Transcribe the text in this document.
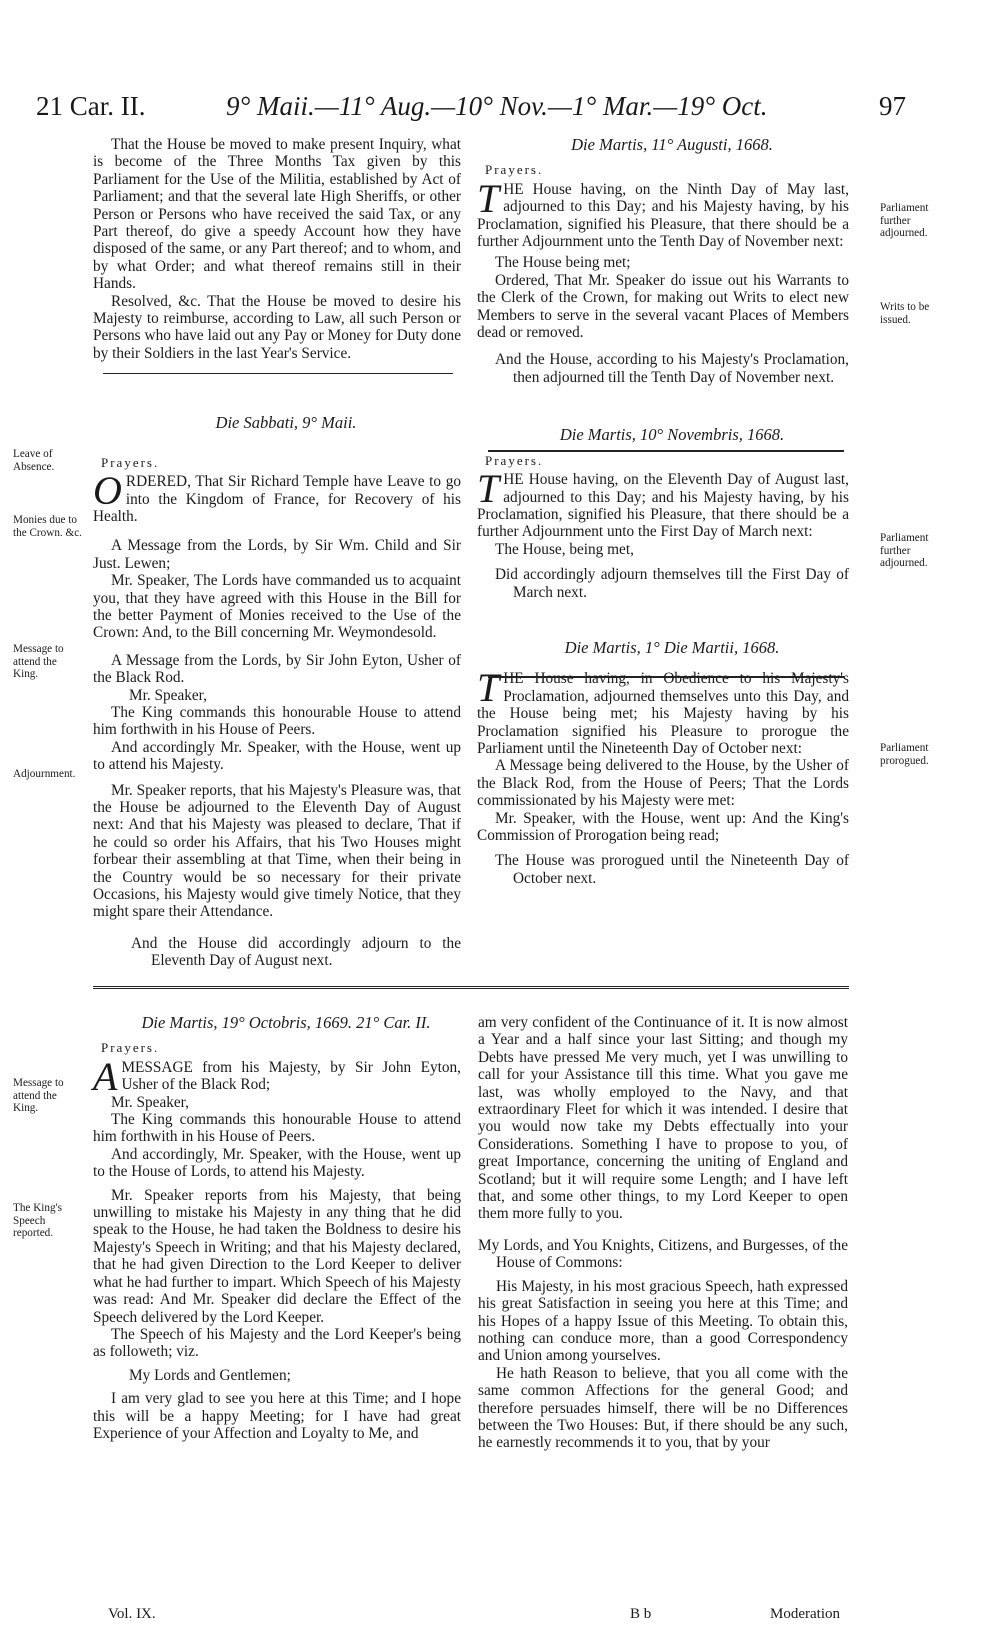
21 Car. II.	9° Maii.—11° Aug.—10° Nov.—1° Mar.—19° Oct.	97

That the House be moved to make present Inquiry, what is become of the Three Months Tax given by this Parliament for the Use of the Militia, established by Act of Parliament; and that the several late High Sheriffs, or other Person or Persons who have received the said Tax, or any Part thereof, do give a speedy Account how they have disposed of the same, or any Part thereof; and to whom, and by what Order; and what thereof remains still in their Hands.

Resolved, &c. That the House be moved to desire his Majesty to reimburse, according to Law, all such Person or Persons who have laid out any Pay or Money for Duty done by their Soldiers in the last Year's Service.

Die Sabbati, 9° Maii.

Prayers.

ORDERED, That Sir Richard Temple have Leave to go into the Kingdom of France, for Recovery of his Health.

A Message from the Lords, by Sir Wm. Child and Sir Just. Lewen;

Mr. Speaker, The Lords have commanded us to acquaint you, that they have agreed with this House in the Bill for the better Payment of Monies received to the Use of the Crown: And, to the Bill concerning Mr. Weymondesold.

A Message from the Lords, by Sir John Eyton, Usher of the Black Rod.

Mr. Speaker,

The King commands this honourable House to attend him forthwith in his House of Peers.

And accordingly Mr. Speaker, with the House, went up to attend his Majesty.

Mr. Speaker reports, that his Majesty's Pleasure was, that the House be adjourned to the Eleventh Day of August next: And that his Majesty was pleased to declare, That if he could so order his Affairs, that his Two Houses might forbear their assembling at that Time, when their being in the Country would be so necessary for their private Occasions, his Majesty would give timely Notice, that they might spare their Attendance.

And the House did accordingly adjourn to the Eleventh Day of August next.

Die Martis, 11° Augusti, 1668.

Prayers.

THE House having, on the Ninth Day of May last, adjourned to this Day; and his Majesty having, by his Proclamation, signified his Pleasure, that there should be a further Adjournment unto the Tenth Day of November next:

The House being met;

Ordered, That Mr. Speaker do issue out his Warrants to the Clerk of the Crown, for making out Writs to elect new Members to serve in the several vacant Places of Members dead or removed.

And the House, according to his Majesty's Proclamation, then adjourned till the Tenth Day of November next.

Die Martis, 10° Novembris, 1668.

Prayers.

THE House having, on the Eleventh Day of August last, adjourned to this Day; and his Majesty having, by his Proclamation, signified his Pleasure, that there should be a further Adjournment unto the First Day of March next:

The House, being met,

Did accordingly adjourn themselves till the First Day of March next.

Die Martis, 1° Die Martii, 1668.

THE House having, in Obedience to his Majesty's Proclamation, adjourned themselves unto this Day, and the House being met; his Majesty having by his Proclamation signified his Pleasure to prorogue the Parliament until the Nineteenth Day of October next:

A Message being delivered to the House, by the Usher of the Black Rod, from the House of Peers; That the Lords commissionated by his Majesty were met:

Mr. Speaker, with the House, went up: And the King's Commission of Prorogation being read;

The House was prorogued until the Nineteenth Day of October next.

Die Martis, 19° Octobris, 1669. 21° Car. II.

Prayers.

AMESSAGE from his Majesty, by Sir John Eyton, Usher of the Black Rod;

Mr. Speaker,

The King commands this honourable House to attend him forthwith in his House of Peers.

And accordingly, Mr. Speaker, with the House, went up to the House of Lords, to attend his Majesty.

Mr. Speaker reports from his Majesty, that being unwilling to mistake his Majesty in any thing that he did speak to the House, he had taken the Boldness to desire his Majesty's Speech in Writing; and that his Majesty declared, that he had given Direction to the Lord Keeper to deliver what he had further to impart. Which Speech of his Majesty was read: And Mr. Speaker did declare the Effect of the Speech delivered by the Lord Keeper.

The Speech of his Majesty and the Lord Keeper's being as followeth; viz.

My Lords and Gentlemen;

I am very glad to see you here at this Time; and I hope this will be a happy Meeting; for I have had great Experience of your Affection and Loyalty to Me, and

am very confident of the Continuance of it. It is now almost a Year and a half since your last Sitting; and though my Debts have pressed Me very much, yet I was unwilling to call for your Assistance till this time. What you gave me last, was wholly employed to the Navy, and that extraordinary Fleet for which it was intended. I desire that you would now take my Debts effectually into your Considerations. Something I have to propose to you, of great Importance, concerning the uniting of England and Scotland; but it will require some Length; and I have left that, and some other things, to my Lord Keeper to open them more fully to you.

My Lords, and You Knights, Citizens, and Burgesses, of the House of Commons:

His Majesty, in his most gracious Speech, hath expressed his great Satisfaction in seeing you here at this Time; and his Hopes of a happy Issue of this Meeting. To obtain this, nothing can conduce more, than a good Correspondency and Union among yourselves.

He hath Reason to believe, that you all come with the same common Affections for the general Good; and therefore persuades himself, there will be no Differences between the Two Houses: But, if there should be any such, he earnestly recommends it to you, that by your

Leave of Absence.
Monies due to the Crown. &c.
Message to attend the King.
Adjournment.
Parliament further adjourned.
Writs to be issued.
Parliament further adjourned.
Parliament prorogued.
Message to attend the King.
The King's Speech reported.
Vol. IX.	B b	Moderation
